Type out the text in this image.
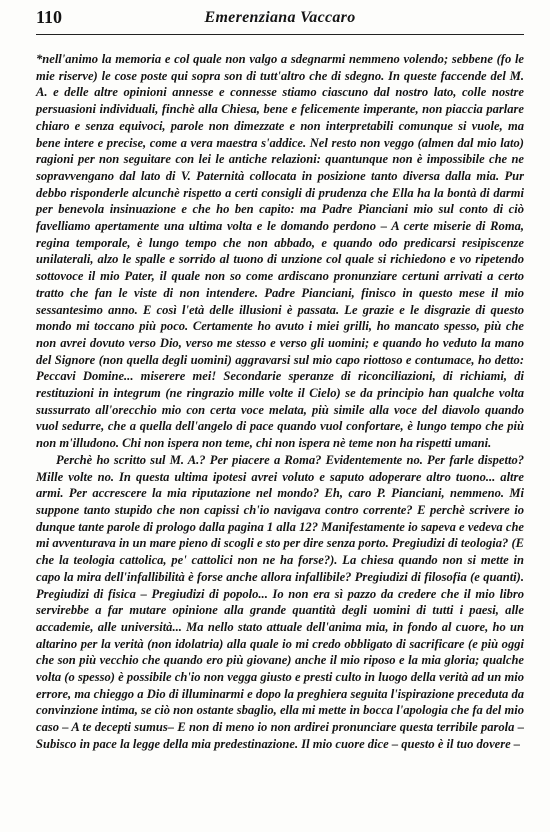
110	Emerenziana Vaccaro

*nell'animo la memoria e col quale non valgo a sdegnarmi nemmeno volendo; sebbene (fo le mie riserve) le cose poste qui sopra son di tutt'altro che di sdegno. In queste faccende del M. A. e delle altre opinioni annesse e connesse stiamo ciascuno dal nostro lato, colle nostre persuasioni individuali, finchè alla Chiesa, bene e felicemente imperante, non piaccia parlare chiaro e senza equivoci, parole non dimezzate e non interpretabili comunque si vuole, ma bene intere e precise, come a vera maestra s'addice. Nel resto non veggo (almen dal mio lato) ragioni per non seguitare con lei le antiche relazioni: quantunque non è impossibile che ne sopravvengano dal lato di V. Paternità collocata in posizione tanto diversa dalla mia. Pur debbo risponderle alcunchè rispetto a certi consigli di prudenza che Ella ha la bontà di darmi per benevola insinuazione e che ho ben capito: ma Padre Pianciani mio sul conto di ciò favelliamo apertamente una ultima volta e le domando perdono – A certe miserie di Roma, regina temporale, è lungo tempo che non abbado, e quando odo predicarsi resipiscenze unilaterali, alzo le spalle e sorrido al tuono di unzione col quale si richiedono e vo ripetendo sottovoce il mio Pater, il quale non so come ardiscano pronunziare certuni arrivati a certo tratto che fan le viste di non intendere. Padre Pianciani, finisco in questo mese il mio sessantesimo anno. E così l'età delle illusioni è passata. Le grazie e le disgrazie di questo mondo mi toccano più poco. Certamente ho avuto i miei grilli, ho mancato spesso, più che non avrei dovuto verso Dio, verso me stesso e verso gli uomini; e quando ho veduto la mano del Signore (non quella degli uomini) aggravarsi sul mio capo riottoso e contumace, ho detto: Peccavi Domine... miserere mei! Secondarie speranze di riconciliazioni, di richiami, di restituzioni in integrum (ne ringrazio mille volte il Cielo) se da principio han qualche volta sussurrato all'orecchio mio con certa voce melata, più simile alla voce del diavolo quando vuol sedurre, che a quella dell'angelo di pace quando vuol confortare, è lungo tempo che più non m'illudono. Chi non ispera non teme, chi non ispera nè teme non ha rispetti umani.

Perchè ho scritto sul M. A.? Per piacere a Roma? Evidentemente no. Per farle dispetto? Mille volte no. In questa ultima ipotesi avrei voluto e saputo adoperare altro tuono... altre armi. Per accrescere la mia riputazione nel mondo? Eh, caro P. Pianciani, nemmeno. Mi suppone tanto stupido che non capissi ch'io navigava contro corrente? E perchè scrivere io dunque tante parole di prologo dalla pagina 1 alla 12? Manifestamente io sapeva e vedeva che mi avventurava in un mare pieno di scogli e sto per dire senza porto. Pregiudizi di teologia? (E che la teologia cattolica, pe' cattolici non ne ha forse?). La chiesa quando non si mette in capo la mira dell'infallibilità è forse anche allora infallibile? Pregiudizi di filosofia (e quanti). Pregiudizi di fisica – Pregiudizi di popolo... Io non era sì pazzo da credere che il mio libro servirebbe a far mutare opinione alla grande quantità degli uomini di tutti i paesi, alle accademie, alle università... Ma nello stato attuale dell'anima mia, in fondo al cuore, ho un altarino per la verità (non idolatria) alla quale io mi credo obbligato di sacrificare (e più oggi che son più vecchio che quando ero più giovane) anche il mio riposo e la mia gloria; qualche volta (o spesso) è possibile ch'io non vegga giusto e presti culto in luogo della verità ad un mio errore, ma chieggo a Dio di illuminarmi e dopo la preghiera seguita l'ispirazione preceduta da convinzione intima, se ciò non ostante sbaglio, ella mi mette in bocca l'apologia che fa del mio caso – A te decepti sumus– E non di meno io non ardirei pronunciare questa terribile parola – Subisco in pace la legge della mia predestinazione. Il mio cuore dice – questo è il tuo dovere –
